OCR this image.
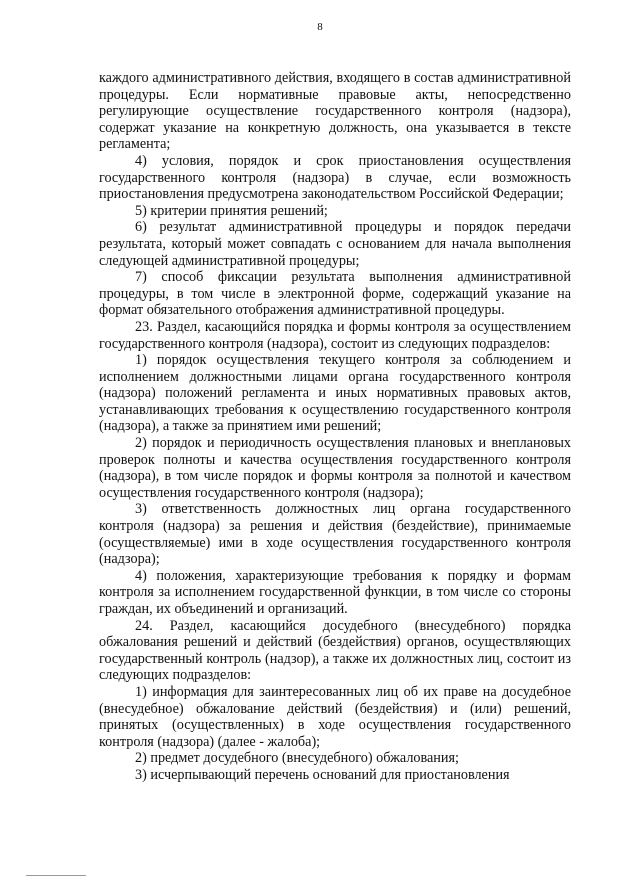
8

каждого административного действия, входящего в состав административной процедуры. Если нормативные правовые акты, непосредственно регулирующие осуществление государственного контроля (надзора), содержат указание на конкретную должность, она указывается в тексте регламента;

4) условия, порядок и срок приостановления осуществления государственного контроля (надзора) в случае, если возможность приостановления предусмотрена законодательством Российской Федерации;

5) критерии принятия решений;

6) результат административной процедуры и порядок передачи результата, который может совпадать с основанием для начала выполнения следующей административной процедуры;

7) способ фиксации результата выполнения административной процедуры, в том числе в электронной форме, содержащий указание на формат обязательного отображения административной процедуры.

23. Раздел, касающийся порядка и формы контроля за осуществлением государственного контроля (надзора), состоит из следующих подразделов:

1) порядок осуществления текущего контроля за соблюдением и исполнением должностными лицами органа государственного контроля (надзора) положений регламента и иных нормативных правовых актов, устанавливающих требования к осуществлению государственного контроля (надзора), а также за принятием ими решений;

2) порядок и периодичность осуществления плановых и внеплановых проверок полноты и качества осуществления государственного контроля (надзора), в том числе порядок и формы контроля за полнотой и качеством осуществления государственного контроля (надзора);

3) ответственность должностных лиц органа государственного контроля (надзора) за решения и действия (бездействие), принимаемые (осуществляемые) ими в ходе осуществления государственного контроля (надзора);

4) положения, характеризующие требования к порядку и формам контроля за исполнением государственной функции, в том числе со стороны граждан, их объединений и организаций.

24. Раздел, касающийся досудебного (внесудебного) порядка обжалования решений и действий (бездействия) органов, осуществляющих государственный контроль (надзор), а также их должностных лиц, состоит из следующих подразделов:

1) информация для заинтересованных лиц об их праве на досудебное (внесудебное) обжалование действий (бездействия) и (или) решений, принятых (осуществленных) в ходе осуществления государственного контроля (надзора) (далее - жалоба);

2) предмет досудебного (внесудебного) обжалования;

3) исчерпывающий перечень оснований для приостановления
